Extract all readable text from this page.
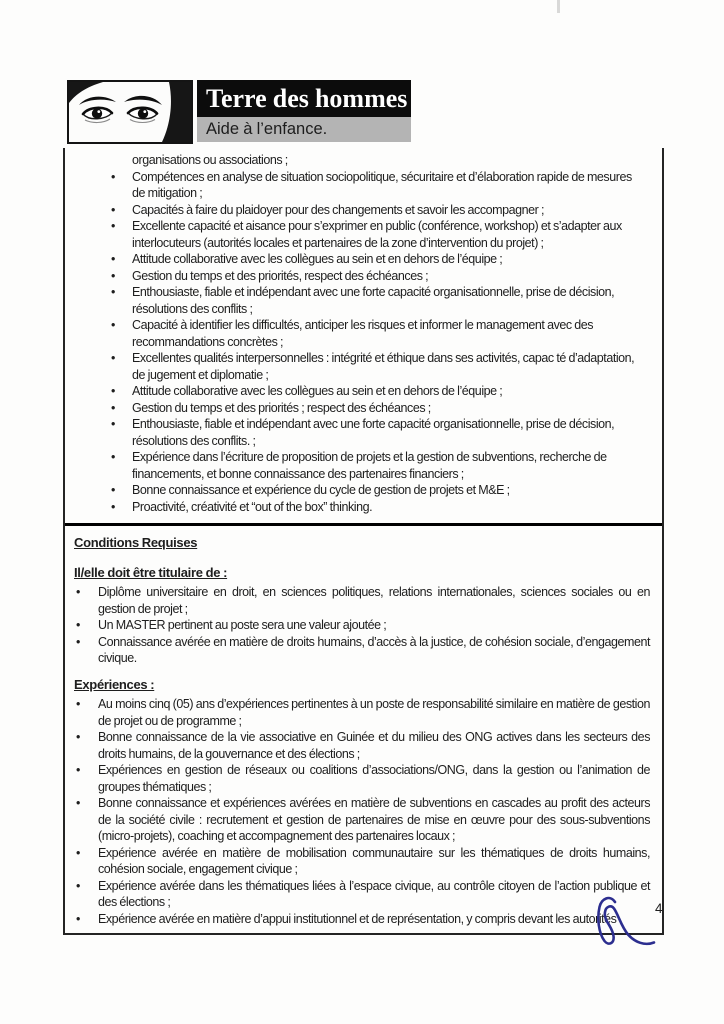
Terre des hommes
Aide à l’enfance.

organisations ou associations ;

• Compétences en analyse de situation sociopolitique, sécuritaire et d’élaboration rapide de mesures de mitigation ;
• Capacités à faire du plaidoyer pour des changements et savoir les accompagner ;
• Excellente capacité et aisance pour s’exprimer en public (conférence, workshop) et s’adapter aux interlocuteurs (autorités locales et partenaires de la zone d’intervention du projet) ;
• Attitude collaborative avec les collègues au sein et en dehors de l’équipe ;
• Gestion du temps et des priorités, respect des échéances ;
• Enthousiaste, fiable et indépendant avec une forte capacité organisationnelle, prise de décision, résolutions des conflits ;
• Capacité à identifier les difficultés, anticiper les risques et informer le management avec des recommandations concrètes ;
• Excellentes qualités interpersonnelles : intégrité et éthique dans ses activités, capac té d’adaptation, de jugement et diplomatie ;
• Attitude collaborative avec les collègues au sein et en dehors de l’équipe ;
• Gestion du temps et des priorités ; respect des échéances ;
• Enthousiaste, fiable et indépendant avec une forte capacité organisationnelle, prise de décision, résolutions des conflits. ;
• Expérience dans l’écriture de proposition de projets et la gestion de subventions, recherche de financements, et bonne connaissance des partenaires financiers ;
• Bonne connaissance et expérience du cycle de gestion de projets et M&E ;
• Proactivité, créativité et “out of the box” thinking.
Conditions Requises
Il/elle doit être titulaire de :
• Diplôme universitaire en droit, en sciences politiques, relations internationales, sciences sociales ou en gestion de projet ;
• Un MASTER pertinent au poste sera une valeur ajoutée ;
• Connaissance avérée en matière de droits humains, d’accès à la justice, de cohésion sociale, d’engagement civique.
Expériences :
• Au moins cinq (05) ans d’expériences pertinentes à un poste de responsabilité similaire en matière de gestion de projet ou de programme ;
• Bonne connaissance de la vie associative en Guinée et du milieu des ONG actives dans les secteurs des droits humains, de la gouvernance et des élections ;
• Expériences en gestion de réseaux ou coalitions d’associations/ONG, dans la gestion ou l’animation de groupes thématiques ;
• Bonne connaissance et expériences avérées en matière de subventions en cascades au profit des acteurs de la société civile : recrutement et gestion de partenaires de mise en œuvre pour des sous-subventions (micro-projets), coaching et accompagnement des partenaires locaux ;
• Expérience avérée en matière de mobilisation communautaire sur les thématiques de droits humains, cohésion sociale, engagement civique ;
• Expérience avérée dans les thématiques liées à l’espace civique, au contrôle citoyen de l’action publique et des élections ;
• Expérience avérée en matière d’appui institutionnel et de représentation, y compris devant les autorités
4
